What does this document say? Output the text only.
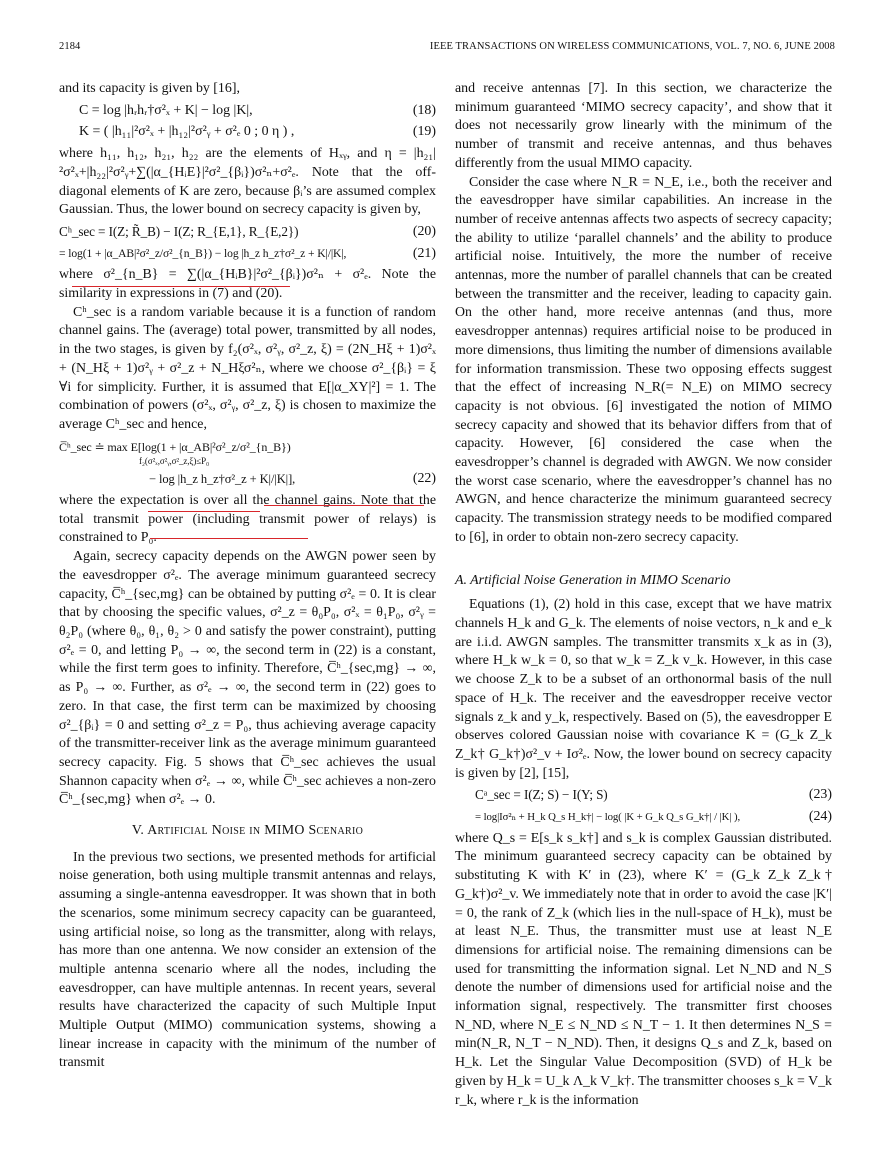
2184	IEEE TRANSACTIONS ON WIRELESS COMMUNICATIONS, VOL. 7, NO. 6, JUNE 2008

and its capacity is given by [16],

C = log |hᵣhᵣ†σ²ₓ + K| − log |K|,	(18)
K = ( |h₁₁|²σ²ₓ + |h₁₂|²σ²ᵧ + σ²ₑ 0 ; 0 η ) ,	(19)

where h₁₁, h₁₂, h₂₁, h₂₂ are the elements of Hₓᵧ, and η = |h₂₁|²σ²ₓ+|h₂₂|²σ²ᵧ+∑(|α_{HᵢE}|²σ²_{βᵢ})σ²ₙ+σ²ₑ. Note that the off-diagonal elements of K are zero, because βᵢ’s are assumed complex Gaussian. Thus, the lower bound on secrecy capacity is given by,

Cʰ_sec = I(Z; R̃_B) − I(Z; R_{E,1}, R_{E,2})	(20)
= log(1 + |α_AB|²σ²_z/σ²_{n_B}) − log |h_z h_z†σ²_z + K|/|K|,	(21)

where σ²_{n_B} = ∑(|α_{HᵢB}|²σ²_{βᵢ})σ²ₙ + σ²ₑ. Note the similarity in expressions in (7) and (20).

Cʰ_sec is a random variable because it is a function of random channel gains. The (average) total power, transmitted by all nodes, in the two stages, is given by f₂(σ²ₓ, σ²ᵧ, σ²_z, ξ) = (2N_Hξ + 1)σ²ₓ + (N_Hξ + 1)σ²ᵧ + σ²_z + N_Hξσ²ₙ, where we choose σ²_{βᵢ} = ξ ∀i for simplicity. Further, it is assumed that E[|α_XY|²] = 1. The combination of powers (σ²ₓ, σ²ᵧ, σ²_z, ξ) is chosen to maximize the average Cʰ_sec and hence,

C̅ʰ_sec ≐ max E[log(1 + |α_AB|²σ²_z/σ²_{n_B})
f₂(σ²ₓ,σ²ᵧ,σ²_z,ξ)≤P₀
− log |h_z h_z†σ²_z + K|/|K|],	(22)

where the expectation is over all the channel gains. Note that the total transmit power (including transmit power of relays) is constrained to P₀.

Again, secrecy capacity depends on the AWGN power seen by the eavesdropper σ²ₑ. The average minimum guaranteed secrecy capacity, C̅ʰ_{sec,mg} can be obtained by putting σ²ₑ = 0. It is clear that by choosing the specific values, σ²_z = θ₀P₀, σ²ₓ = θ₁P₀, σ²ᵧ = θ₂P₀ (where θ₀, θ₁, θ₂ > 0 and satisfy the power constraint), putting σ²ₑ = 0, and letting P₀ → ∞, the second term in (22) is a constant, while the first term goes to infinity. Therefore, C̅ʰ_{sec,mg} → ∞, as P₀ → ∞. Further, as σ²ₑ → ∞, the second term in (22) goes to zero. In that case, the first term can be maximized by choosing σ²_{βᵢ} = 0 and setting σ²_z = P₀, thus achieving average capacity of the transmitter-receiver link as the average minimum guaranteed secrecy capacity. Fig. 5 shows that C̅ʰ_sec achieves the usual Shannon capacity when σ²ₑ → ∞, while C̅ʰ_sec achieves a non-zero C̅ʰ_{sec,mg} when σ²ₑ → 0.

V. Artificial Noise in MIMO Scenario

In the previous two sections, we presented methods for artificial noise generation, both using multiple transmit antennas and relays, assuming a single-antenna eavesdropper. It was shown that in both the scenarios, some minimum secrecy capacity can be guaranteed, using artificial noise, so long as the transmitter, along with relays, has more than one antenna. We now consider an extension of the multiple antenna scenario where all the nodes, including the eavesdropper, can have multiple antennas. In recent years, several results have characterized the capacity of such Multiple Input Multiple Output (MIMO) communication systems, showing a linear increase in capacity with the minimum of the number of transmit

and receive antennas [7]. In this section, we characterize the minimum guaranteed ‘MIMO secrecy capacity’, and show that it does not necessarily grow linearly with the minimum of the number of transmit and receive antennas, and thus behaves differently from the usual MIMO capacity.

Consider the case where N_R = N_E, i.e., both the receiver and the eavesdropper have similar capabilities. An increase in the number of receive antennas affects two aspects of secrecy capacity; the ability to utilize ‘parallel channels’ and the ability to produce artificial noise. Intuitively, the more the number of receive antennas, more the number of parallel channels that can be created between the transmitter and the receiver, leading to capacity gain. On the other hand, more receive antennas (and thus, more eavesdropper antennas) requires artificial noise to be produced in more dimensions, thus limiting the number of dimensions available for information transmission. These two opposing effects suggest that the effect of increasing N_R(= N_E) on MIMO secrecy capacity is not obvious. [6] investigated the notion of MIMO secrecy capacity and showed that its behavior differs from that of capacity. However, [6] considered the case when the eavesdropper’s channel is degraded with AWGN. We now consider the worst case scenario, where the eavesdropper’s channel has no AWGN, and hence characterize the minimum guaranteed secrecy capacity. The transmission strategy needs to be modified compared to [6], in order to obtain non-zero secrecy capacity.

A. Artificial Noise Generation in MIMO Scenario

Equations (1), (2) hold in this case, except that we have matrix channels H_k and G_k. The elements of noise vectors, n_k and e_k are i.i.d. AWGN samples. The transmitter transmits x_k as in (3), where H_k w_k = 0, so that w_k = Z_k v_k. However, in this case we choose Z_k to be a subset of an orthonormal basis of the null space of H_k. The receiver and the eavesdropper receive vector signals z_k and y_k, respectively. Based on (5), the eavesdropper E observes colored Gaussian noise with covariance K = (G_k Z_k Z_k† G_k†)σ²_v + Iσ²ₑ. Now, the lower bound on secrecy capacity is given by [2], [15],

Cᵃ_sec = I(Z; S) − I(Y; S)	(23)
= log|Iσ²ₙ + H_k Q_s H_k†| − log( |K + G_k Q_s G_k†| / |K| ),	(24)

where Q_s = E[s_k s_k†] and s_k is complex Gaussian distributed. The minimum guaranteed secrecy capacity can be obtained by substituting K with K′ in (23), where K′ = (G_k Z_k Z_k† G_k†)σ²_v. We immediately note that in order to avoid the case |K′| = 0, the rank of Z_k (which lies in the null-space of H_k), must be at least N_E. Thus, the transmitter must use at least N_E dimensions for artificial noise. The remaining dimensions can be used for transmitting the information signal. Let N_ND and N_S denote the number of dimensions used for artificial noise and the information signal, respectively. The transmitter first chooses N_ND, where N_E ≤ N_ND ≤ N_T − 1. It then determines N_S = min(N_R, N_T − N_ND). Then, it designs Q_s and Z_k, based on H_k. Let the Singular Value Decomposition (SVD) of H_k be given by H_k = U_k Λ_k V_k†. The transmitter chooses s_k = V_k r_k, where r_k is the information
